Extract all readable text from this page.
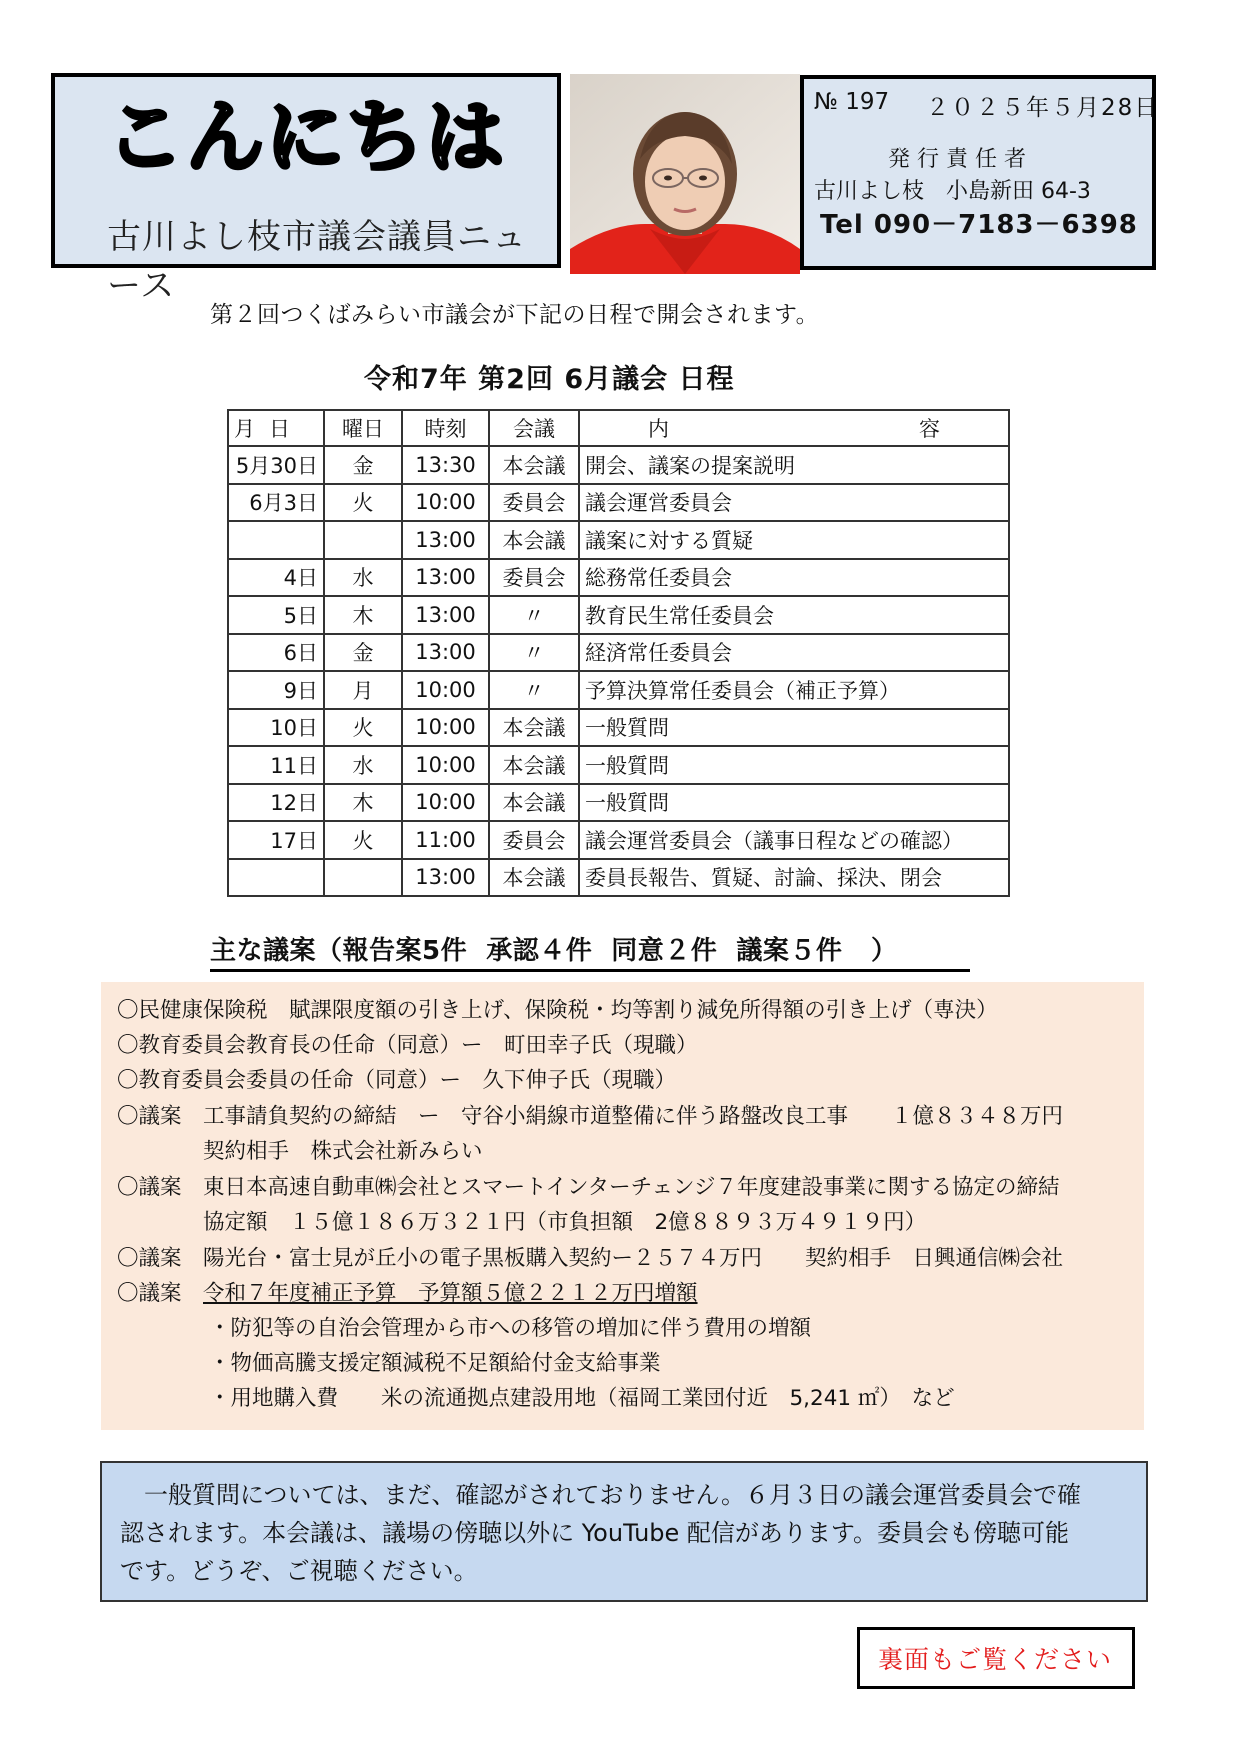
こんにちは
古川よし枝市議会議員ニュース
№ 197 ２０２５年５月28日
発 行 責 任 者
古川よし枝　小島新田 64-3
Tel 090－7183－6398
第２回つくばみらい市議会が下記の日程で開会されます。
令和7年 第2回 6月議会 日程
月日	曜日	時刻	会議	内 容
5月30日	金	13:30	本会議	開会、議案の提案説明
6月3日	火	10:00	委員会	議会運営委員会
		13:00	本会議	議案に対する質疑
4日	水	13:00	委員会	総務常任委員会
5日	木	13:00	〃	教育民生常任委員会
6日	金	13:00	〃	経済常任委員会
9日	月	10:00	〃	予算決算常任委員会（補正予算）
10日	火	10:00	本会議	一般質問
11日	水	10:00	本会議	一般質問
12日	木	10:00	本会議	一般質問
17日	火	11:00	委員会	議会運営委員会（議事日程などの確認）
		13:00	本会議	委員長報告、質疑、討論、採決、閉会
主な議案（報告案5件  承認４件  同意２件  議案５件   ）
〇民健康保険税　賦課限度額の引き上げ、保険税・均等割り減免所得額の引き上げ（専決）
〇教育委員会教育長の任命（同意）ー　町田幸子氏（現職）
〇教育委員会委員の任命（同意）ー　久下伸子氏（現職）
〇議案　工事請負契約の締結　ー　守谷小絹線市道整備に伴う路盤改良工事　　１億８３４８万円
　　　　契約相手　株式会社新みらい
〇議案　東日本高速自動車㈱会社とスマートインターチェンジ７年度建設事業に関する協定の締結
　　　　協定額　１５億１８６万３２１円（市負担額　2億８８９３万４９１９円）
〇議案　陽光台・富士見が丘小の電子黒板購入契約ー２５７４万円　　契約相手　日興通信㈱会社
〇議案　令和７年度補正予算　予算額５億２２１２万円増額
・防犯等の自治会管理から市への移管の増加に伴う費用の増額
・物価高騰支援定額減税不足額給付金支給事業
・用地購入費　　米の流通拠点建設用地（福岡工業団付近　5,241 ㎡）　など
　一般質問については、まだ、確認がされておりません。６月３日の議会運営委員会で確
認されます。本会議は、議場の傍聴以外に YouTube 配信があります。委員会も傍聴可能
です。どうぞ、ご視聴ください。
裏面もご覧ください
